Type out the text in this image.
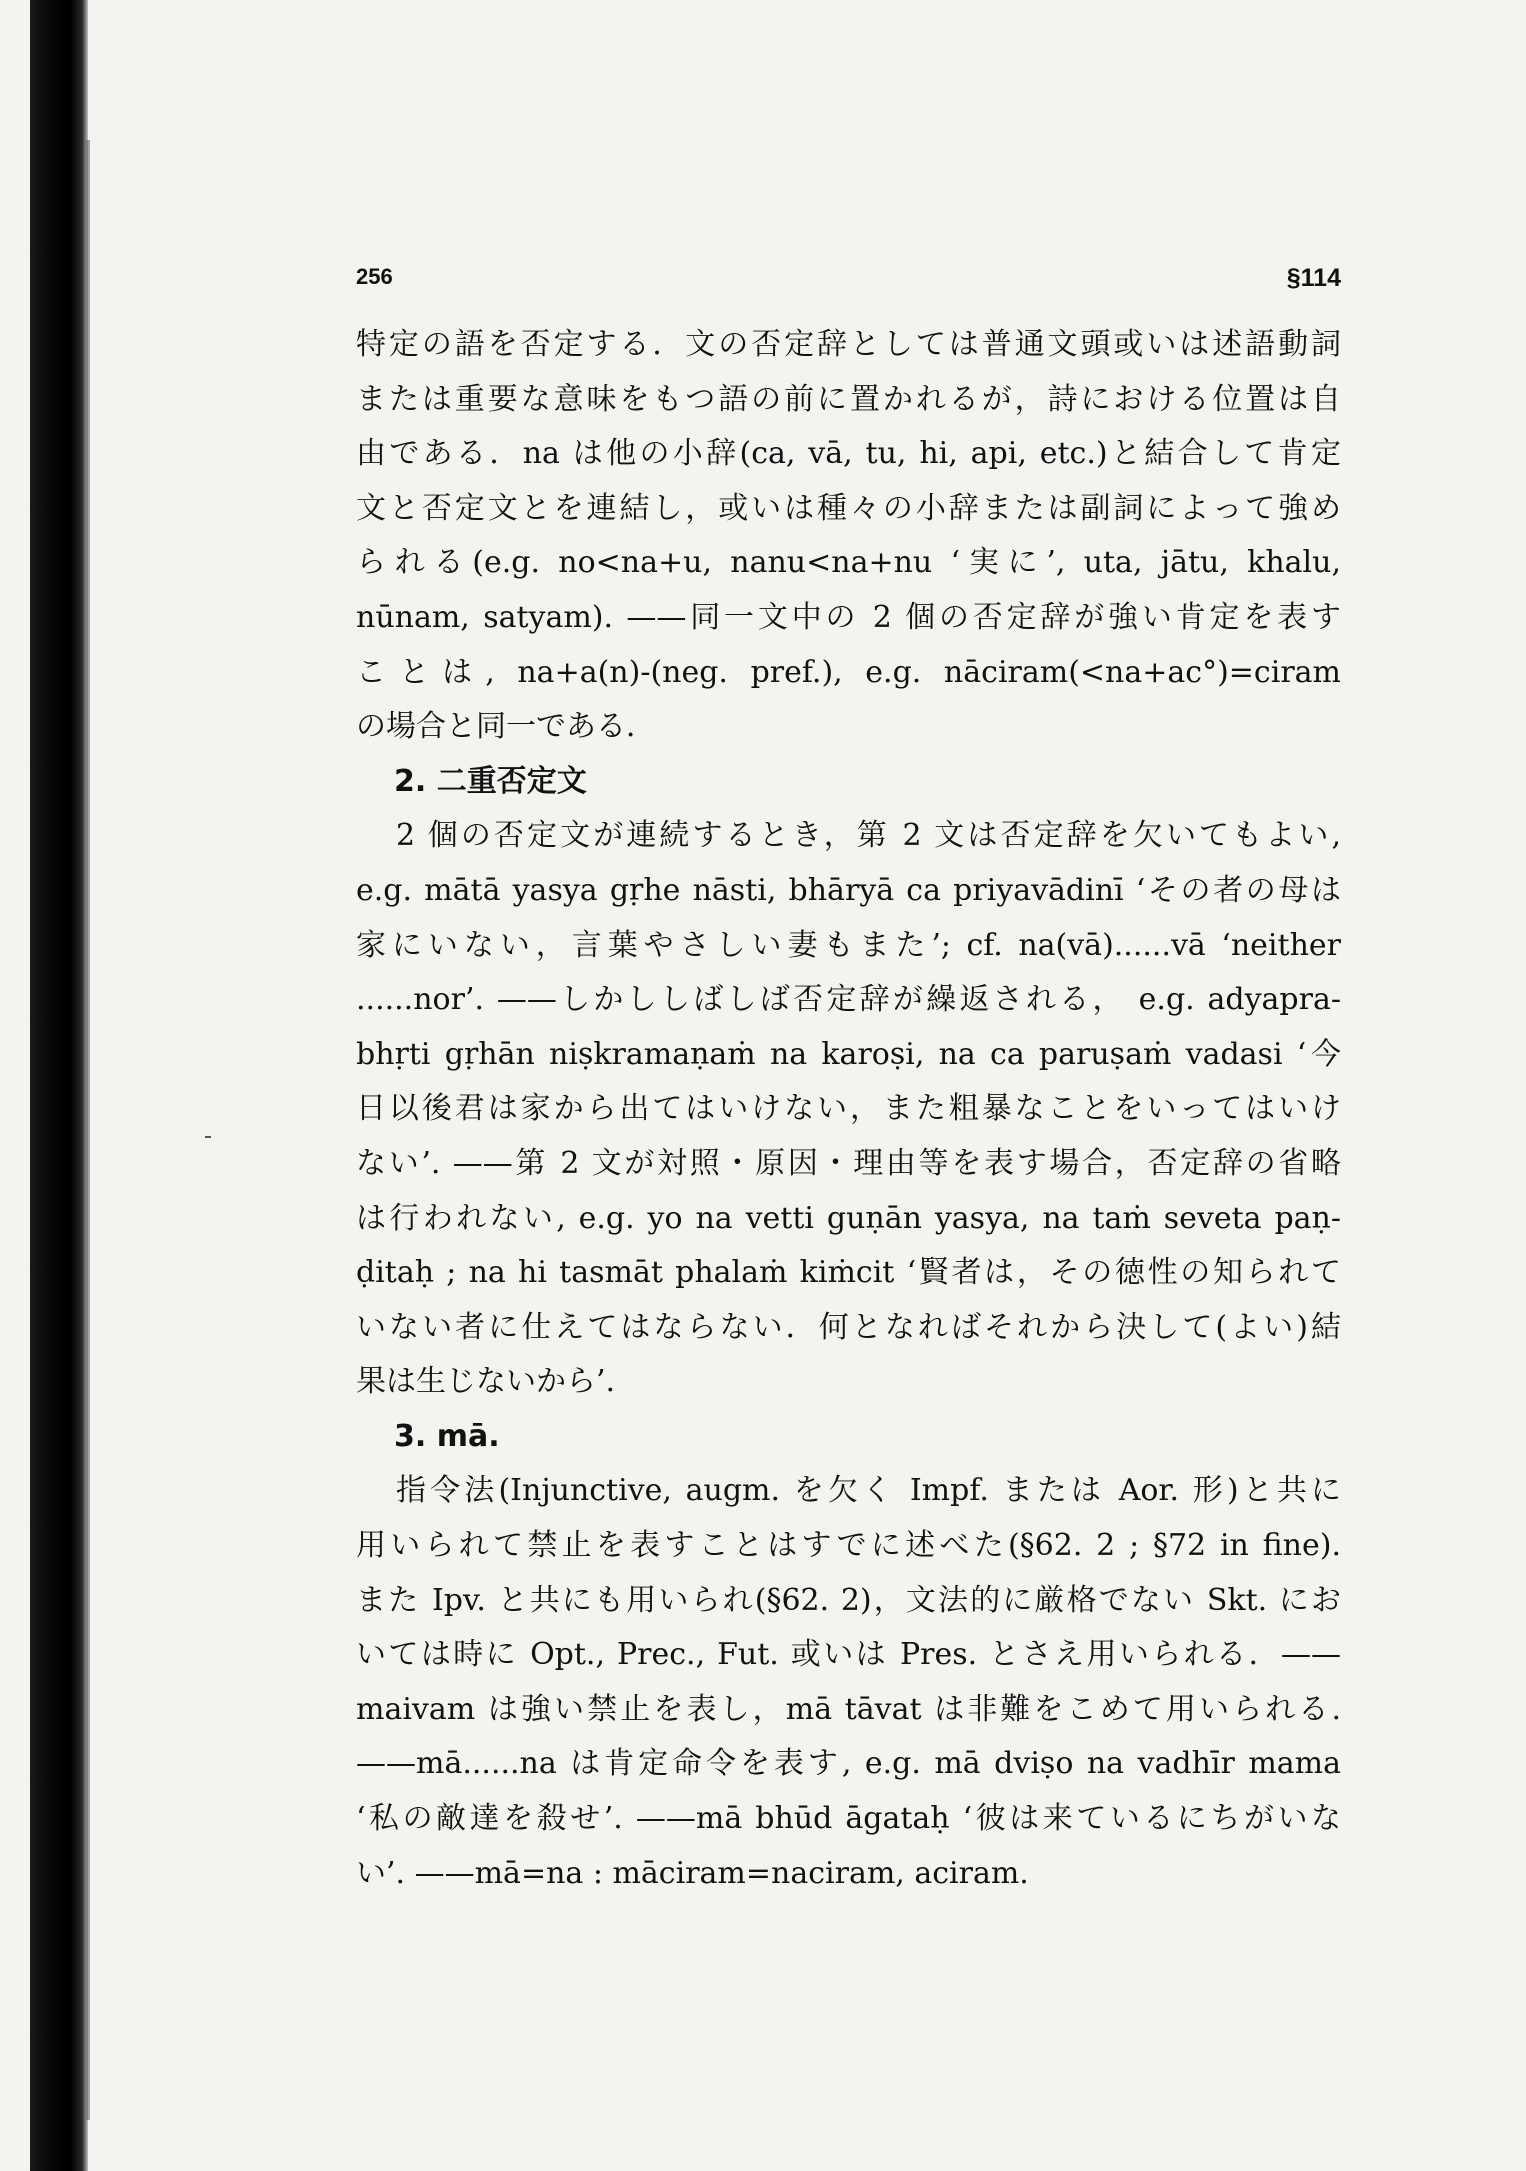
256	§114
特定の語を否定する．文の否定辞としては普通文頭或いは述語動詞
または重要な意味をもつ語の前に置かれるが，詩における位置は自
由である．na は他の小辞(ca, vā, tu, hi, api, etc.)と結合して肯定
文と否定文とを連結し，或いは種々の小辞または副詞によって強め
られる(e.g. no<na+u, nanu<na+nu ‘実に’, uta, jātu, khalu,
nūnam, satyam). ——同一文中の 2 個の否定辞が強い肯定を表す
ことは, na+a(n)-(neg. pref.), e.g. nāciram(<na+ac°)=ciram
の場合と同一である．
2. 二重否定文
2 個の否定文が連続するとき，第 2 文は否定辞を欠いてもよい,
e.g. mātā yasya gṛhe nāsti, bhāryā ca priyavādinī ‘その者の母は
家にいない，言葉やさしい妻もまた’; cf. na(vā)......vā ‘neither
......nor’. ——しかししばしば否定辞が繰返される， e.g. adyapra-
bhṛti gṛhān niṣkramaṇaṁ na karoṣi, na ca paruṣaṁ vadasi ‘今
日以後君は家から出てはいけない，また粗暴なことをいってはいけ
ない’. ——第 2 文が対照・原因・理由等を表す場合，否定辞の省略
は行われない, e.g. yo na vetti guṇān yasya, na taṁ seveta paṇ-
ḍitaḥ ; na hi tasmāt phalaṁ kiṁcit ‘賢者は，その徳性の知られて
いない者に仕えてはならない．何となればそれから決して(よい)結
果は生じないから’.
3. mā.
指令法(Injunctive, augm. を欠く Impf. または Aor. 形)と共に
用いられて禁止を表すことはすでに述べた(§62. 2 ; §72 in fine).
また Ipv. と共にも用いられ(§62. 2)，文法的に厳格でない Skt. にお
いては時に Opt., Prec., Fut. 或いは Pres. とさえ用いられる．——
maivam は強い禁止を表し，mā tāvat は非難をこめて用いられる.
——mā......na は肯定命令を表す, e.g. mā dviṣo na vadhīr mama
‘私の敵達を殺せ’. ——mā bhūd āgataḥ ‘彼は来ているにちがいな
い’. ——mā=na : māciram=naciram, aciram.
